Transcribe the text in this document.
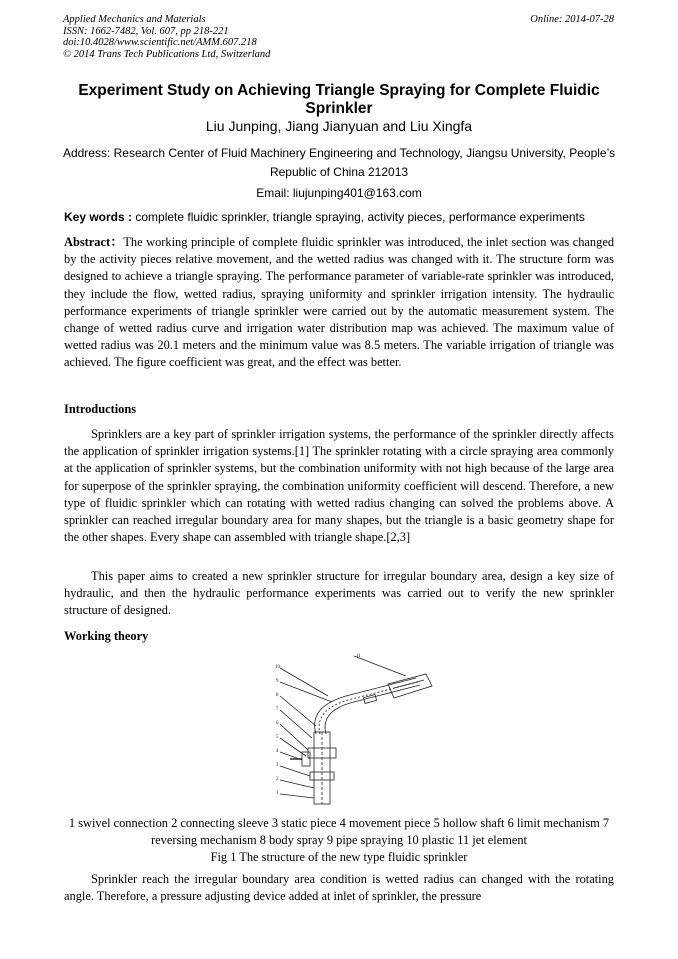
Applied Mechanics and Materials
ISSN: 1662-7482, Vol. 607, pp 218-221
doi:10.4028/www.scientific.net/AMM.607.218
© 2014 Trans Tech Publications Ltd, Switzerland
Online: 2014-07-28
Experiment Study on Achieving Triangle Spraying for Complete Fluidic Sprinkler
Liu Junping, Jiang Jianyuan and Liu Xingfa
Address: Research Center of Fluid Machinery Engineering and Technology, Jiangsu University, People’s Republic of China 212013
Email: liujunping401@163.com
Key words : complete fluidic sprinkler, triangle spraying, activity pieces, performance experiments
Abstract：The working principle of complete fluidic sprinkler was introduced, the inlet section was changed by the activity pieces relative movement, and the wetted radius was changed with it. The structure form was designed to achieve a triangle spraying. The performance parameter of variable-rate sprinkler was introduced, they include the flow, wetted radius, spraying uniformity and sprinkler irrigation intensity. The hydraulic performance experiments of triangle sprinkler were carried out by the automatic measurement system. The change of wetted radius curve and irrigation water distribution map was achieved. The maximum value of wetted radius was 20.1 meters and the minimum value was 8.5 meters. The variable irrigation of triangle was achieved. The figure coefficient was great, and the effect was better.
Introductions
Sprinklers are a key part of sprinkler irrigation systems, the performance of the sprinkler directly affects the application of sprinkler irrigation systems.[1] The sprinkler rotating with a circle spraying area commonly at the application of sprinkler systems, but the combination uniformity with not high because of the large area for superpose of the sprinkler spraying, the combination uniformity coefficient will descend. Therefore, a new type of fluidic sprinkler which can rotating with wetted radius changing can solved the problems above. A sprinkler can reached irregular boundary area for many shapes, but the triangle is a basic geometry shape for the other shapes. Every shape can assembled with triangle shape.[2,3]
This paper aims to created a new sprinkler structure for irregular boundary area, design a key size of hydraulic, and then the hydraulic performance experiments was carried out to verify the new sprinkler structure of designed.
Working theory
11
10
9
8
7
6
5
4
3
2
1
1 swivel connection 2 connecting sleeve 3 static piece 4 movement piece 5 hollow shaft 6 limit mechanism 7 reversing mechanism 8 body spray 9 pipe spraying 10 plastic 11 jet element
Fig 1 The structure of the new type fluidic sprinkler
Sprinkler reach the irregular boundary area condition is wetted radius can changed with the rotating angle. Therefore, a pressure adjusting device added at inlet of sprinkler, the pressure
